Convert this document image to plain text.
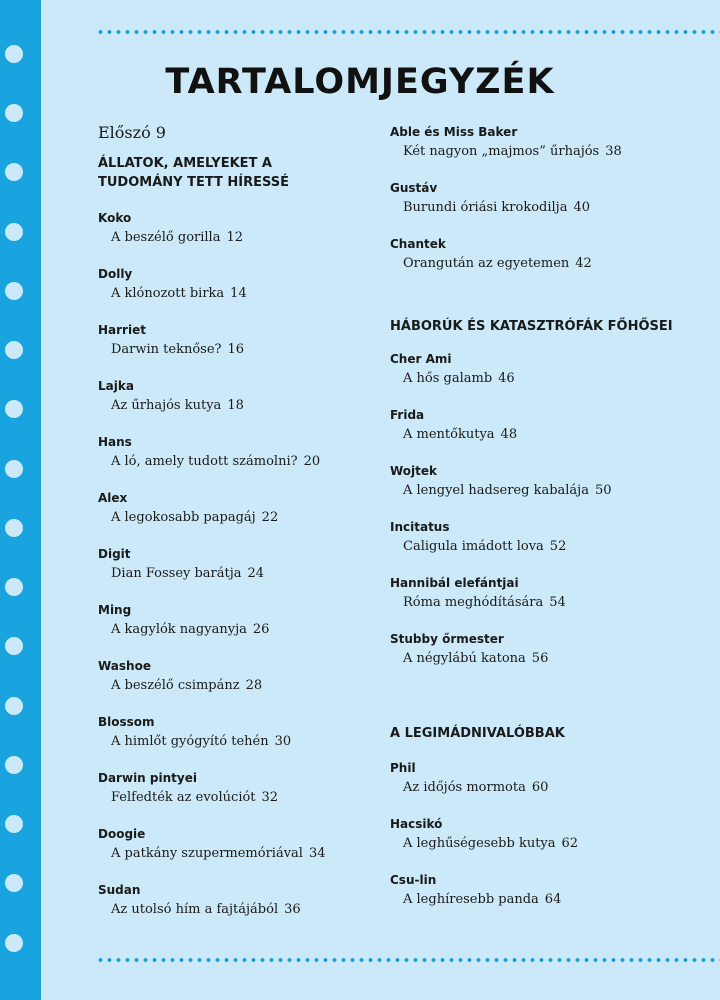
TARTALOMJEGYZÉK
Előszó 9
ÁLLATOK, AMELYEKET A TUDOMÁNY TETT HÍRESSÉ
Koko
A beszélő gorilla 12
Dolly
A klónozott birka 14
Harriet
Darwin teknőse? 16
Lajka
Az űrhajós kutya 18
Hans
A ló, amely tudott számolni? 20
Alex
A legokosabb papagáj 22
Digit
Dian Fossey barátja 24
Ming
A kagylók nagyanyja 26
Washoe
A beszélő csimpánz 28
Blossom
A himlőt gyógyító tehén 30
Darwin pintyei
Felfedték az evolúciót 32
Doogie
A patkány szupermemóriával 34
Sudan
Az utolsó hím a fajtájából 36
Able és Miss Baker
Két nagyon „majmos” űrhajós 38
Gustáv
Burundi óriási krokodilja 40
Chantek
Orangután az egyetemen 42
HÁBORÚK ÉS KATASZTRÓFÁK FŐHŐSEI
Cher Ami
A hős galamb 46
Frida
A mentőkutya 48
Wojtek
A lengyel hadsereg kabalája 50
Incitatus
Caligula imádott lova 52
Hannibál elefántjai
Róma meghódítására 54
Stubby őrmester
A négylábú katona 56
A LEGIMÁDNIVALÓBBAK
Phil
Az időjós mormota 60
Hacsikó
A leghűségesebb kutya 62
Csu-lin
A leghíresebb panda 64
